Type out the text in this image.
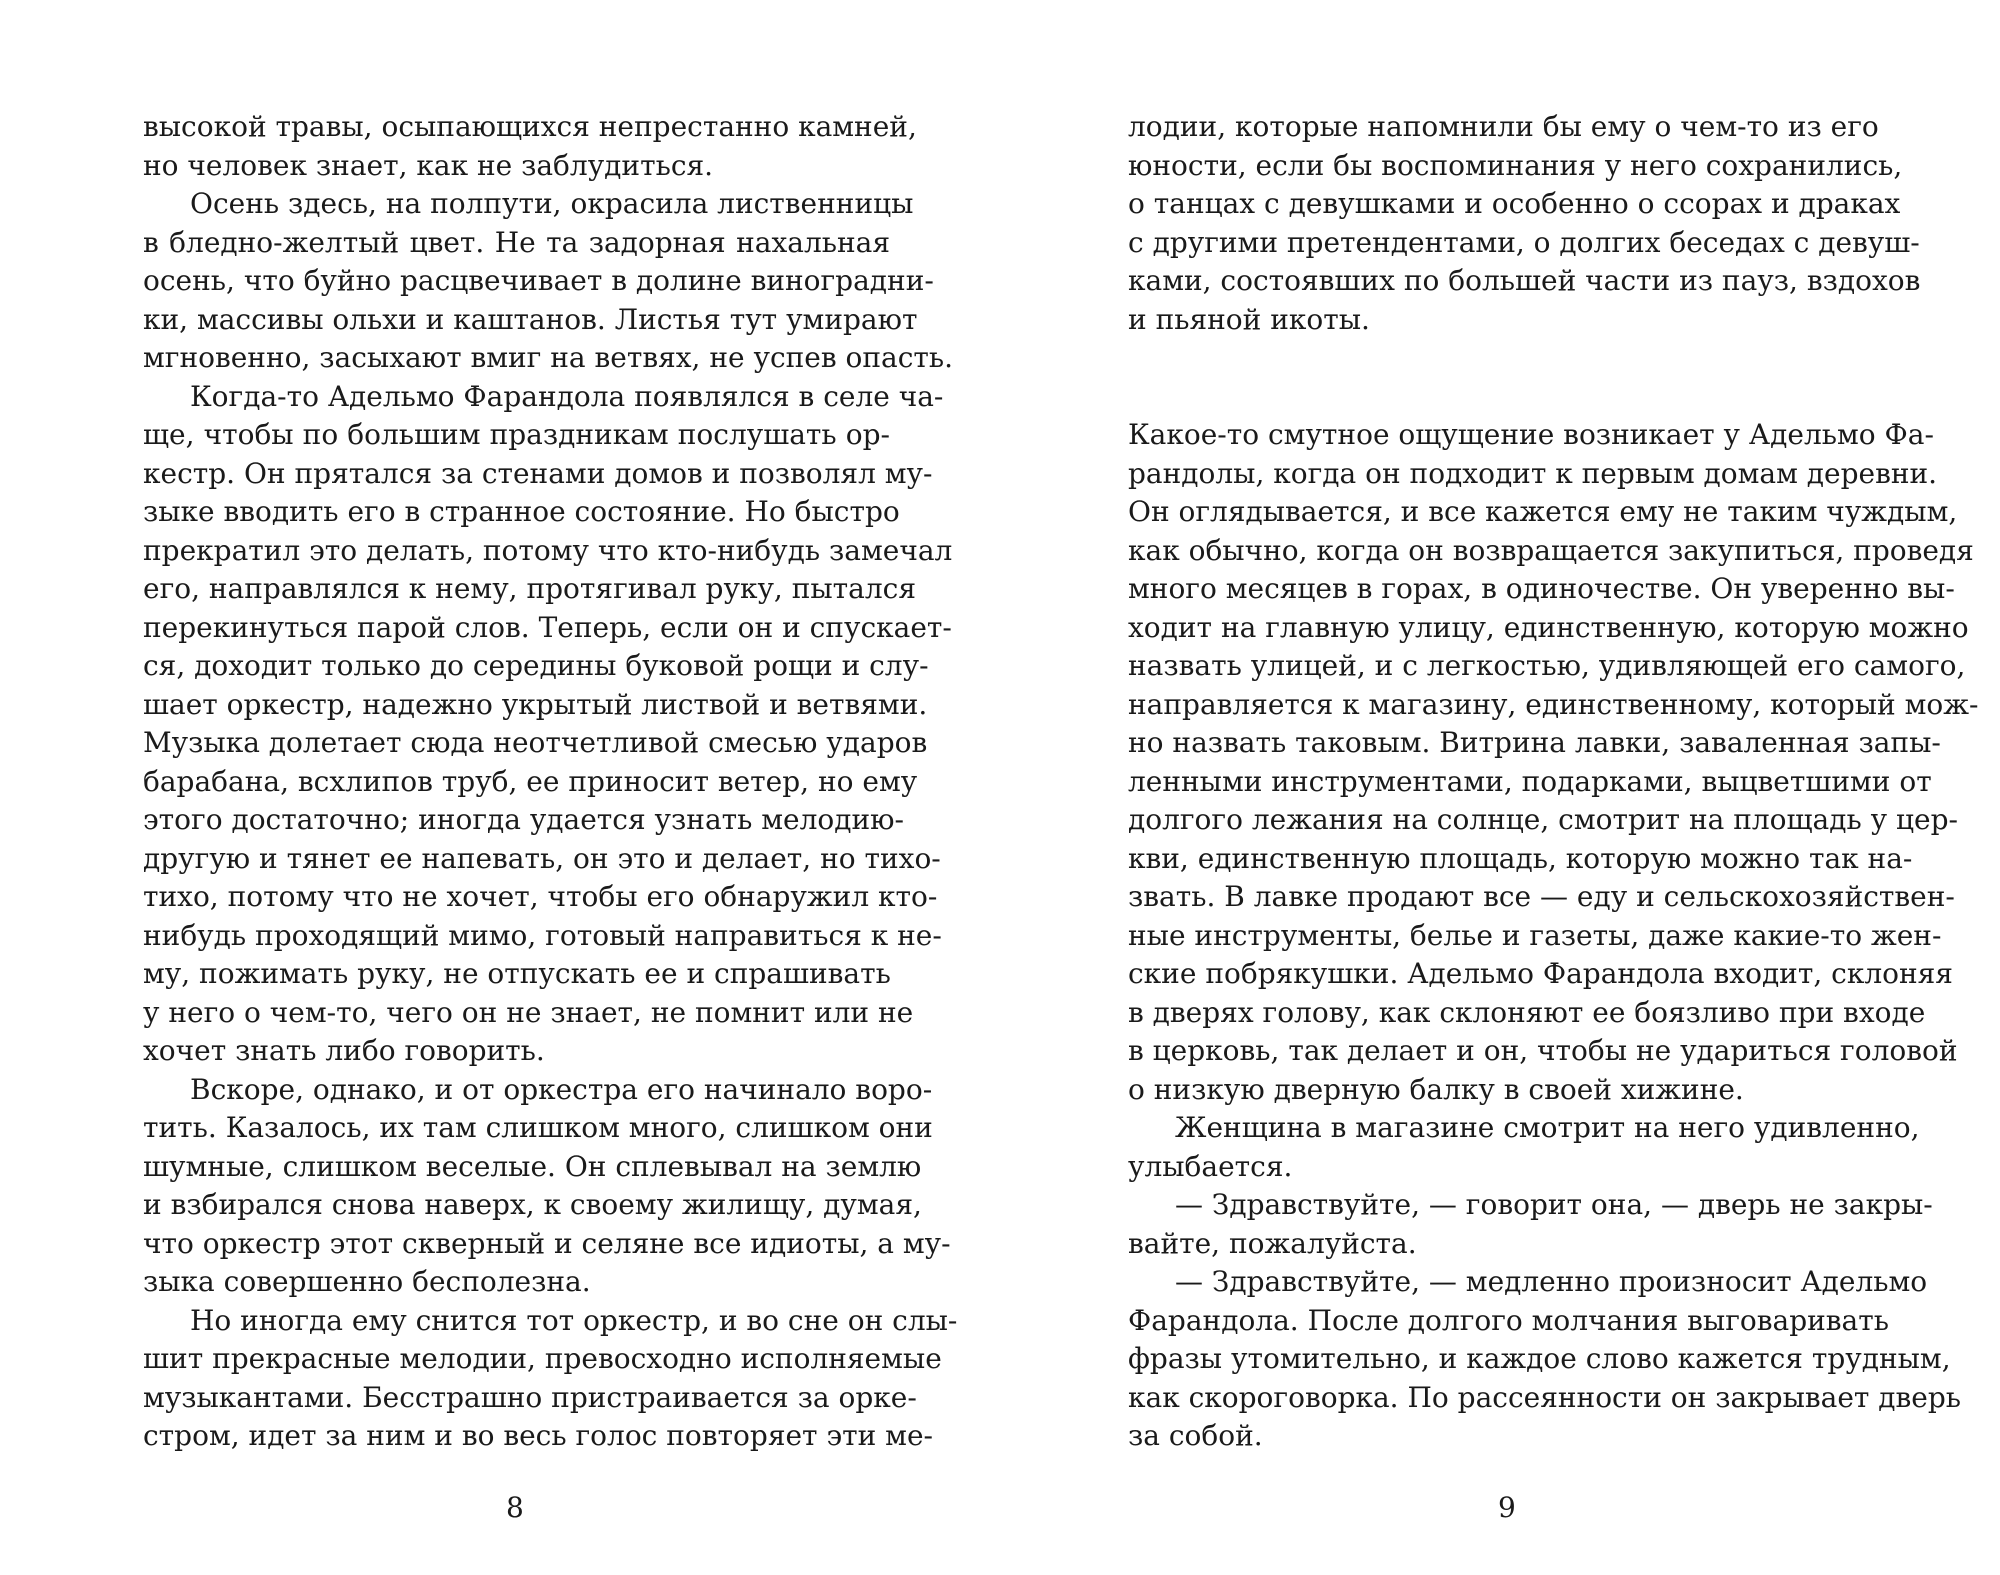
высокой травы, осыпающихся непрестанно камней,
но человек знает, как не заблудиться.
Осень здесь, на полпути, окрасила лиственницы
в бледно-желтый цвет. Не та задорная нахальная
осень, что буйно расцвечивает в долине виноградни-
ки, массивы ольхи и каштанов. Листья тут умирают
мгновенно, засыхают вмиг на ветвях, не успев опасть.
Когда-то Адельмо Фарандола появлялся в селе ча-
ще, чтобы по большим праздникам послушать ор-
кестр. Он прятался за стенами домов и позволял му-
зыке вводить его в странное состояние. Но быстро
прекратил это делать, потому что кто-нибудь замечал
его, направлялся к нему, протягивал руку, пытался
перекинуться парой слов. Теперь, если он и спускает-
ся, доходит только до середины буковой рощи и слу-
шает оркестр, надежно укрытый листвой и ветвями.
Музыка долетает сюда неотчетливой смесью ударов
барабана, всхлипов труб, ее приносит ветер, но ему
этого достаточно; иногда удается узнать мелодию-
другую и тянет ее напевать, он это и делает, но тихо-
тихо, потому что не хочет, чтобы его обнаружил кто-
нибудь проходящий мимо, готовый направиться к не-
му, пожимать руку, не отпускать ее и спрашивать
у него о чем-то, чего он не знает, не помнит или не
хочет знать либо говорить.
Вскоре, однако, и от оркестра его начинало воро-
тить. Казалось, их там слишком много, слишком они
шумные, слишком веселые. Он сплевывал на землю
и взбирался снова наверх, к своему жилищу, думая,
что оркестр этот скверный и селяне все идиоты, а му-
зыка совершенно бесполезна.
Но иногда ему снится тот оркестр, и во сне он слы-
шит прекрасные мелодии, превосходно исполняемые
музыкантами. Бесстрашно пристраивается за орке-
стром, идет за ним и во весь голос повторяет эти ме-
8
лодии, которые напомнили бы ему о чем-то из его
юности, если бы воспоминания у него сохранились,
о танцах с девушками и особенно о ссорах и драках
с другими претендентами, о долгих беседах с девуш-
ками, состоявших по большей части из пауз, вздохов
и пьяной икоты.
Какое-то смутное ощущение возникает у Адельмо Фа-
рандолы, когда он подходит к первым домам деревни.
Он оглядывается, и все кажется ему не таким чуждым,
как обычно, когда он возвращается закупиться, проведя
много месяцев в горах, в одиночестве. Он уверенно вы-
ходит на главную улицу, единственную, которую можно
назвать улицей, и с легкостью, удивляющей его самого,
направляется к магазину, единственному, который мож-
но назвать таковым. Витрина лавки, заваленная запы-
ленными инструментами, подарками, выцветшими от
долгого лежания на солнце, смотрит на площадь у цер-
кви, единственную площадь, которую можно так на-
звать. В лавке продают все — еду и сельскохозяйствен-
ные инструменты, белье и газеты, даже какие-то жен-
ские побрякушки. Адельмо Фарандола входит, склоняя
в дверях голову, как склоняют ее боязливо при входе
в церковь, так делает и он, чтобы не удариться головой
о низкую дверную балку в своей хижине.
Женщина в магазине смотрит на него удивленно,
улыбается.
— Здравствуйте, — говорит она, — дверь не закры-
вайте, пожалуйста.
— Здравствуйте, — медленно произносит Адельмо
Фарандола. После долгого молчания выговаривать
фразы утомительно, и каждое слово кажется трудным,
как скороговорка. По рассеянности он закрывает дверь
за собой.
9
